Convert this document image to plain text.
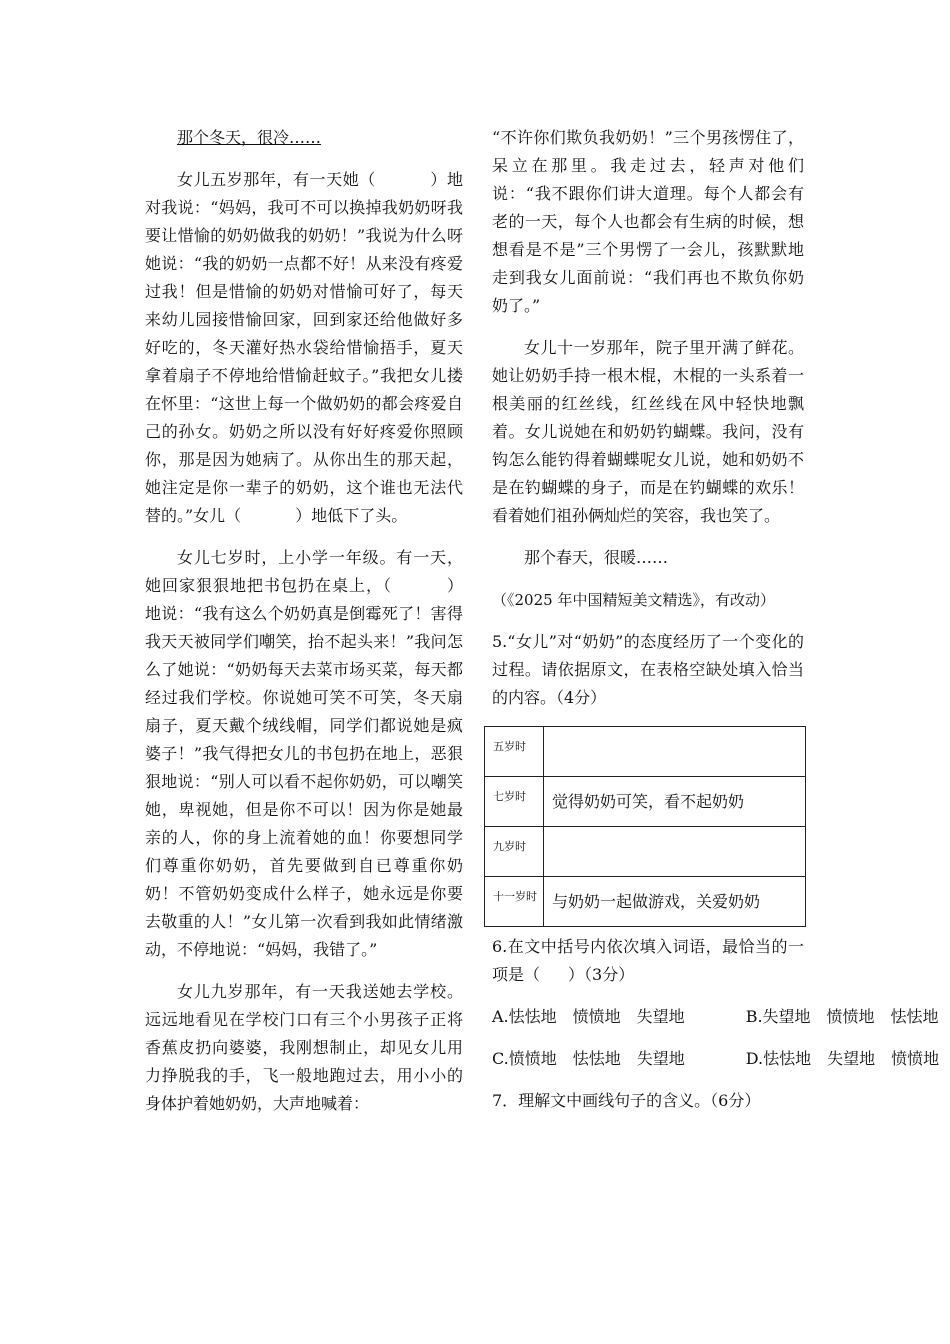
那个冬天，很冷……

女儿五岁那年，有一天她（	）地对我说：“妈妈，我可不可以换掉我奶奶呀我要让惜愉的奶奶做我的奶奶！”我说为什么呀她说：“我的奶奶一点都不好！从来没有疼爱过我！但是惜愉的奶奶对惜愉可好了，每天来幼儿园接惜愉回家，回到家还给他做好多好吃的，冬天灌好热水袋给惜愉捂手，夏天拿着扇子不停地给惜愉赶蚊子。”我把女儿搂在怀里：“这世上每一个做奶奶的都会疼爱自己的孙女。奶奶之所以没有好好疼爱你照顾你，那是因为她病了。从你出生的那天起，她注定是你一辈子的奶奶，这个谁也无法代替的。”女儿（	）地低下了头。

女儿七岁时，上小学一年级。有一天，她回家狠狠地把书包扔在桌上，（	）地说：“我有这么个奶奶真是倒霉死了！害得我天天被同学们嘲笑，抬不起头来！”我问怎么了她说：“奶奶每天去菜市场买菜，每天都经过我们学校。你说她可笑不可笑，冬天扇扇子，夏天戴个绒线帽，同学们都说她是疯婆子！”我气得把女儿的书包扔在地上，恶狠狠地说：“别人可以看不起你奶奶，可以嘲笑她，卑视她，但是你不可以！因为你是她最亲的人，你的身上流着她的血！你要想同学们尊重你奶奶，首先要做到自已尊重你奶奶！不管奶奶变成什么样子，她永远是你要去敬重的人！”女儿第一次看到我如此情绪激动，不停地说：“妈妈，我错了。”

女儿九岁那年，有一天我送她去学校。远远地看见在学校门口有三个小男孩子正将香蕉皮扔向婆婆，我刚想制止，却见女儿用力挣脱我的手，飞一般地跑过去，用小小的身体护着她奶奶，大声地喊着：

“不许你们欺负我奶奶！”三个男孩愣住了，呆立在那里。我走过去，轻声对他们说：“我不跟你们讲大道理。每个人都会有老的一天，每个人也都会有生病的时候，想想看是不是”三个男愣了一会儿，孩默默地走到我女儿面前说：“我们再也不欺负你奶奶了。”

女儿十一岁那年，院子里开满了鲜花。她让奶奶手持一根木棍，木棍的一头系着一根美丽的红丝线，红丝线在风中轻快地飘着。女儿说她在和奶奶钓蝴蝶。我问，没有钩怎么能钓得着蝴蝶呢女儿说，她和奶奶不是在钓蝴蝶的身子，而是在钓蝴蝶的欢乐！看着她们祖孙俩灿烂的笑容，我也笑了。

那个春天，很暖……

（《2025 年中国精短美文精选》，有改动）

5.“女儿”对“奶奶”的态度经历了一个变化的过程。请依据原文，在表格空缺处填入恰当的内容。（4分）

五岁时	
七岁时	觉得奶奶可笑，看不起奶奶
九岁时	
十一岁时	与奶奶一起做游戏，关爱奶奶

6.在文中括号内依次填入词语，最恰当的一项是（ ）（3分）

A.怯怯地　愤愤地　失望地	B.失望地　愤愤地　怯怯地
C.愤愤地　怯怯地　失望地	D.怯怯地　失望地　愤愤地

7．理解文中画线句子的含义。（6分）
